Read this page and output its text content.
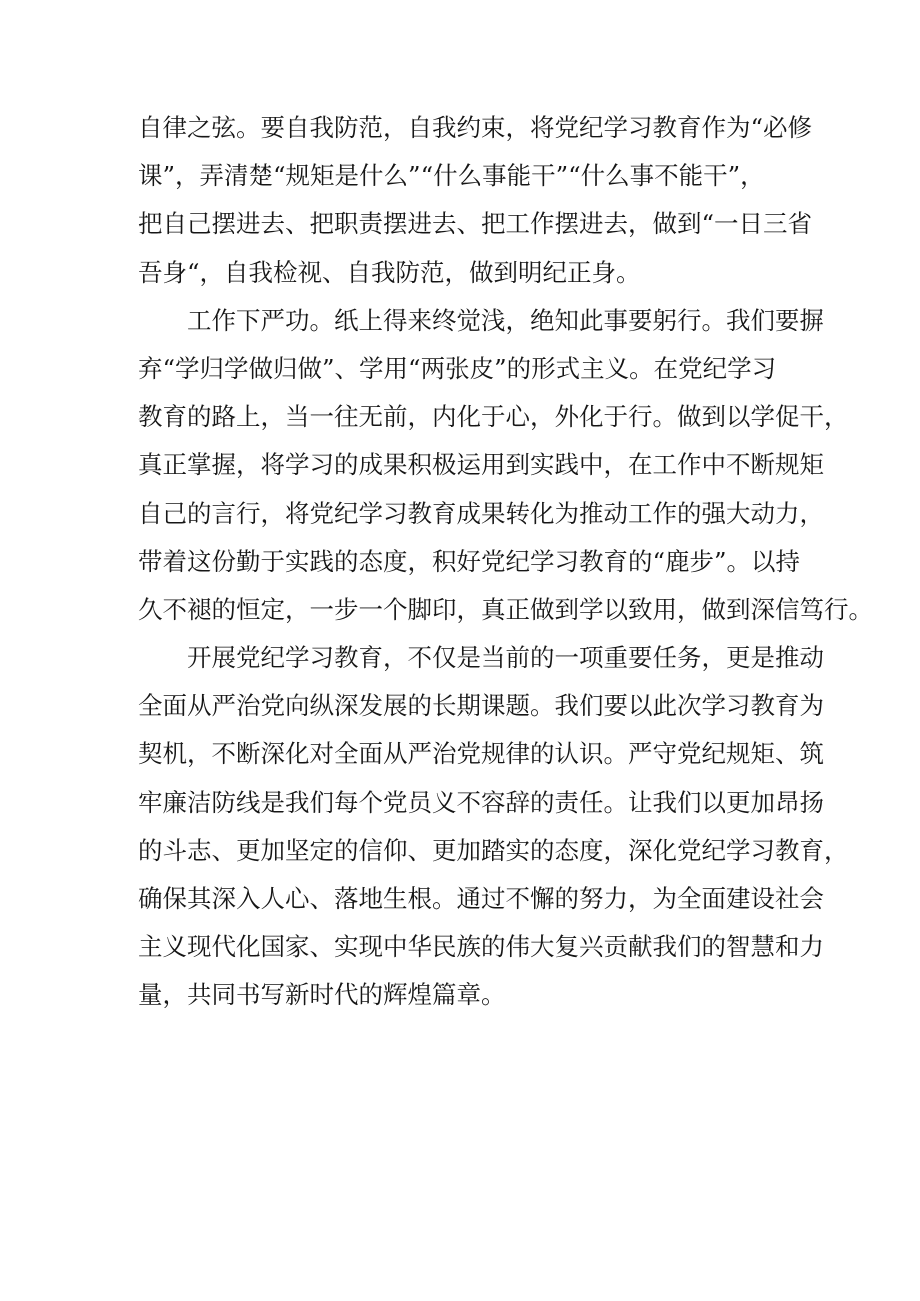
自律之弦。要自我防范，自我约束，将党纪学习教育作为“必修
课”，弄清楚“规矩是什么”“什么事能干”“什么事不能干”，
把自己摆进去、把职责摆进去、把工作摆进去，做到“一日三省
吾身“，自我检视、自我防范，做到明纪正身。
　　工作下严功。纸上得来终觉浅，绝知此事要躬行。我们要摒
弃“学归学做归做”、学用“两张皮”的形式主义。在党纪学习
教育的路上，当一往无前，内化于心，外化于行。做到以学促干，
真正掌握，将学习的成果积极运用到实践中，在工作中不断规矩
自己的言行，将党纪学习教育成果转化为推动工作的强大动力，
带着这份勤于实践的态度，积好党纪学习教育的“鹿步”。以持
久不褪的恒定，一步一个脚印，真正做到学以致用，做到深信笃行。
　　开展党纪学习教育，不仅是当前的一项重要任务，更是推动
全面从严治党向纵深发展的长期课题。我们要以此次学习教育为
契机，不断深化对全面从严治党规律的认识。严守党纪规矩、筑
牢廉洁防线是我们每个党员义不容辞的责任。让我们以更加昂扬
的斗志、更加坚定的信仰、更加踏实的态度，深化党纪学习教育，
确保其深入人心、落地生根。通过不懈的努力，为全面建设社会
主义现代化国家、实现中华民族的伟大复兴贡献我们的智慧和力
量，共同书写新时代的辉煌篇章。
